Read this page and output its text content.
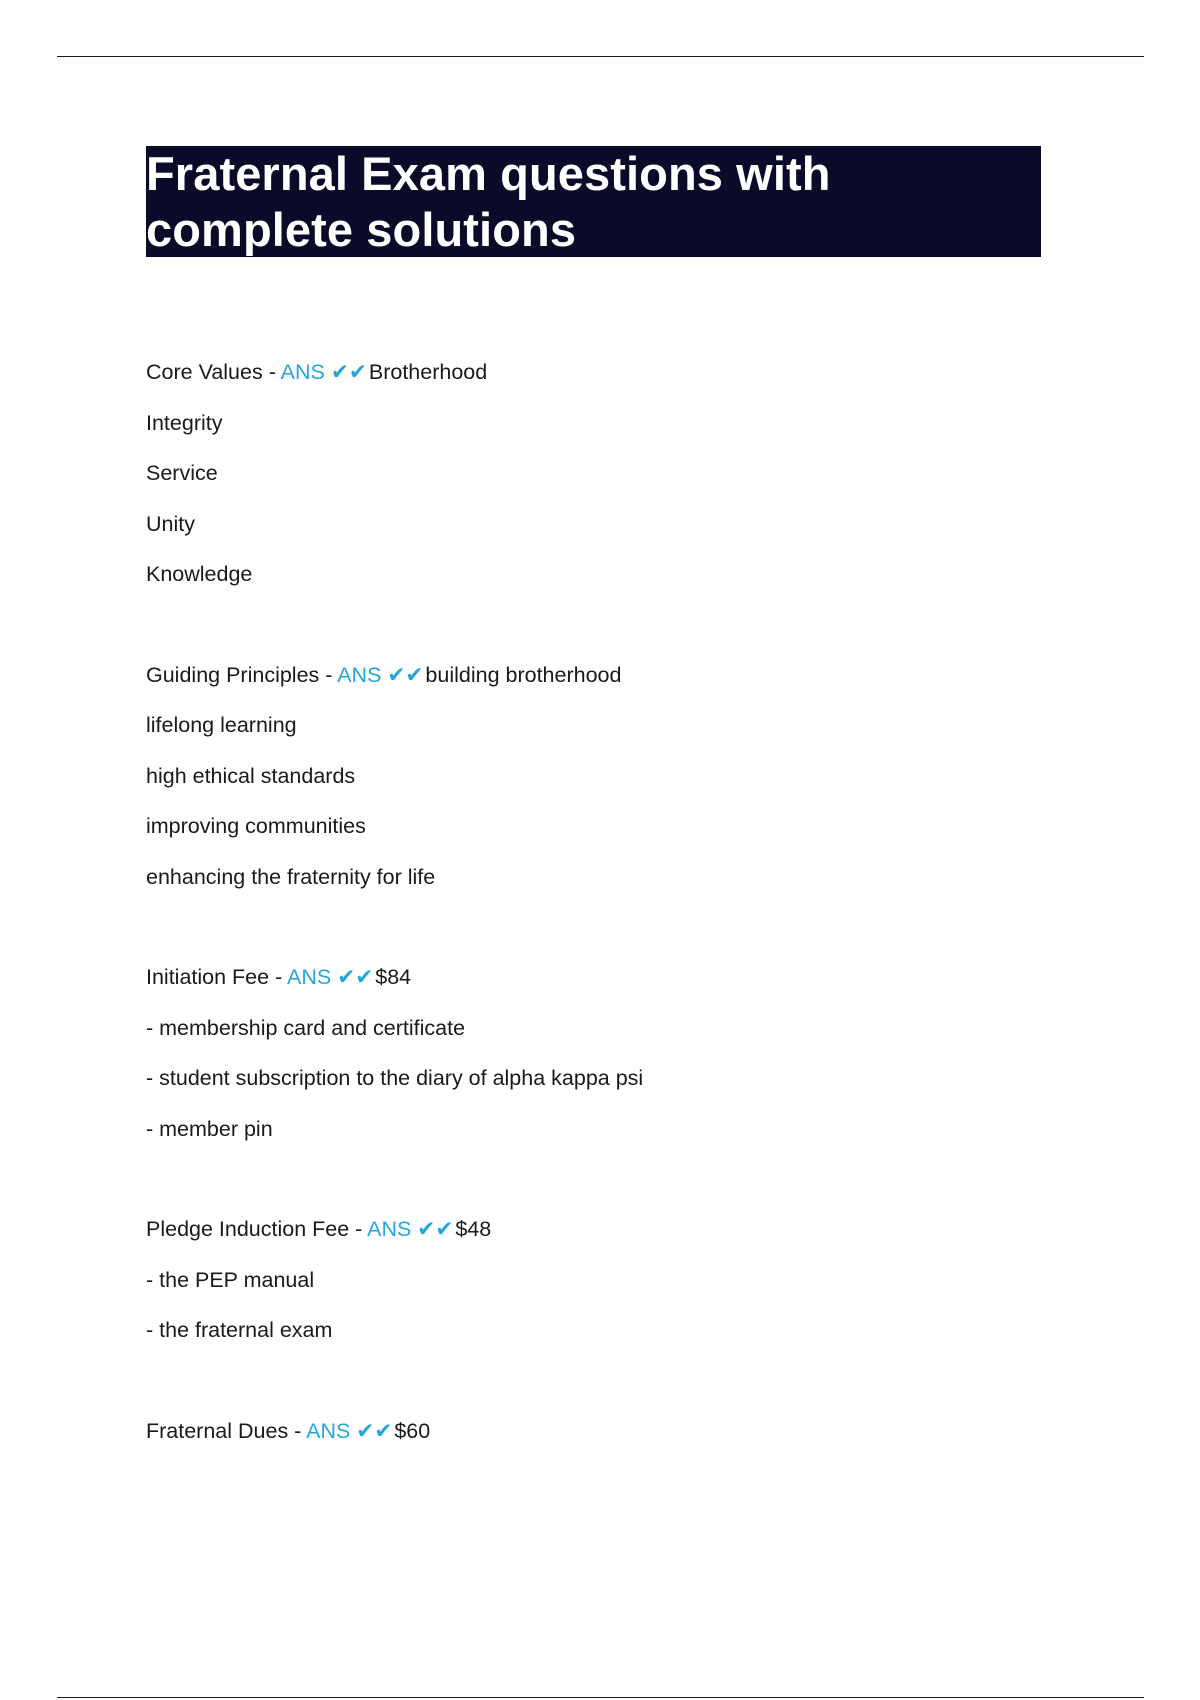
Fraternal Exam questions with complete solutions
Core Values - ANS ✔✔Brotherhood
Integrity
Service
Unity
Knowledge
Guiding Principles - ANS ✔✔building brotherhood
lifelong learning
high ethical standards
improving communities
enhancing the fraternity for life
Initiation Fee - ANS ✔✔$84
- membership card and certificate
- student subscription to the diary of alpha kappa psi
- member pin
Pledge Induction Fee - ANS ✔✔$48
- the PEP manual
- the fraternal exam
Fraternal Dues - ANS ✔✔$60
